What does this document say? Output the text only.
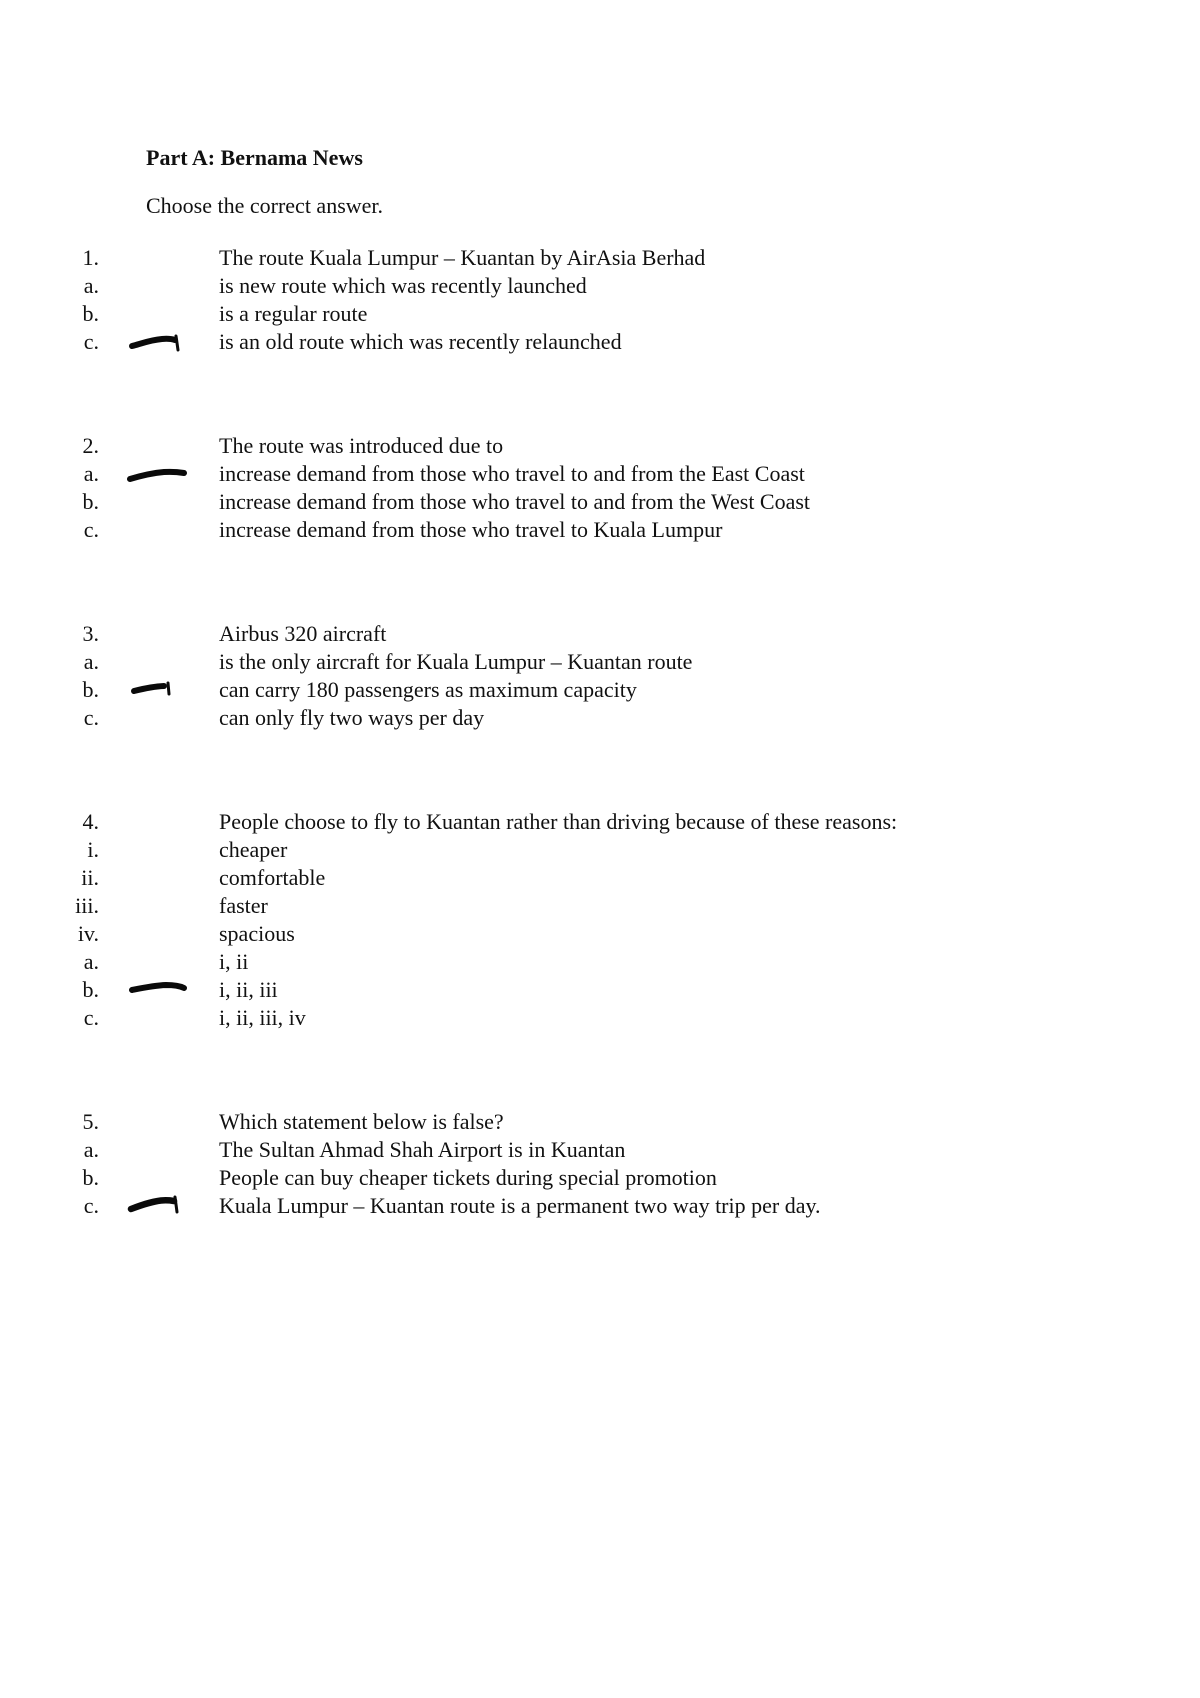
Part A: Bernama News
Choose the correct answer.
1.	The route Kuala Lumpur – Kuantan by AirAsia Berhad
a.	is new route which was recently launched
b.	is a regular route
c.	is an old route which was recently relaunched
2.	The route was introduced due to
a.	increase demand from those who travel to and from the East Coast
b.	increase demand from those who travel to and from the West Coast
c.	increase demand from those who travel to Kuala Lumpur
3.	Airbus 320 aircraft
a.	is the only aircraft for Kuala Lumpur – Kuantan route
b.	can carry 180 passengers as maximum capacity
c.	can only fly two ways per day
4.	People choose to fly to Kuantan rather than driving because of these reasons:
i.	cheaper
ii.	comfortable
iii.	faster
iv.	spacious
a.	i, ii
b.	i, ii, iii
c.	i, ii, iii, iv
5.	Which statement below is false?
a.	The Sultan Ahmad Shah Airport is in Kuantan
b.	People can buy cheaper tickets during special promotion
c.	Kuala Lumpur – Kuantan route is a permanent two way trip per day.
